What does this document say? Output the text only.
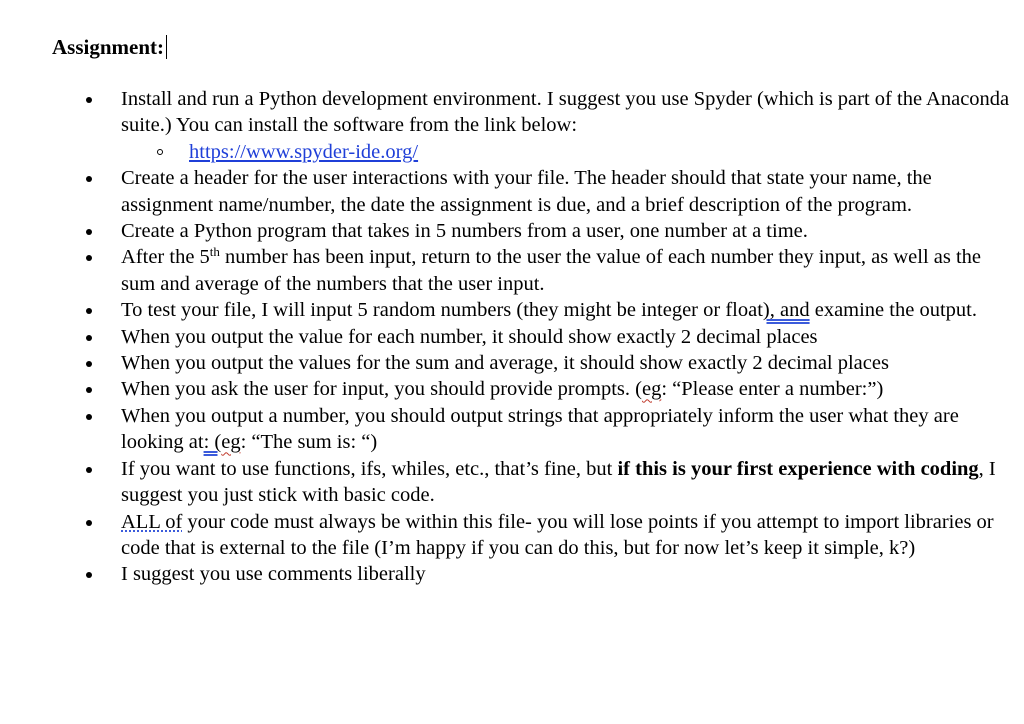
Assignment:
Install and run a Python development environment. I suggest you use Spyder (which is part of the Anaconda suite.) You can install the software from the link below:
https://www.spyder-ide.org/
Create a header for the user interactions with your file. The header should that state your name, the assignment name/number, the date the assignment is due, and a brief description of the program.
Create a Python program that takes in 5 numbers from a user, one number at a time.
After the 5th number has been input, return to the user the value of each number they input, as well as the sum and average of the numbers that the user input.
To test your file, I will input 5 random numbers (they might be integer or float), and examine the output.
When you output the value for each number, it should show exactly 2 decimal places
When you output the values for the sum and average, it should show exactly 2 decimal places
When you ask the user for input, you should provide prompts. (eg: “Please enter a number:”)
When you output a number, you should output strings that appropriately inform the user what they are looking at: (eg: “The sum is: “)
If you want to use functions, ifs, whiles, etc., that’s fine, but if this is your first experience with coding, I suggest you just stick with basic code.
ALL of your code must always be within this file- you will lose points if you attempt to import libraries or code that is external to the file (I’m happy if you can do this, but for now let’s keep it simple, k?)
I suggest you use comments liberally
